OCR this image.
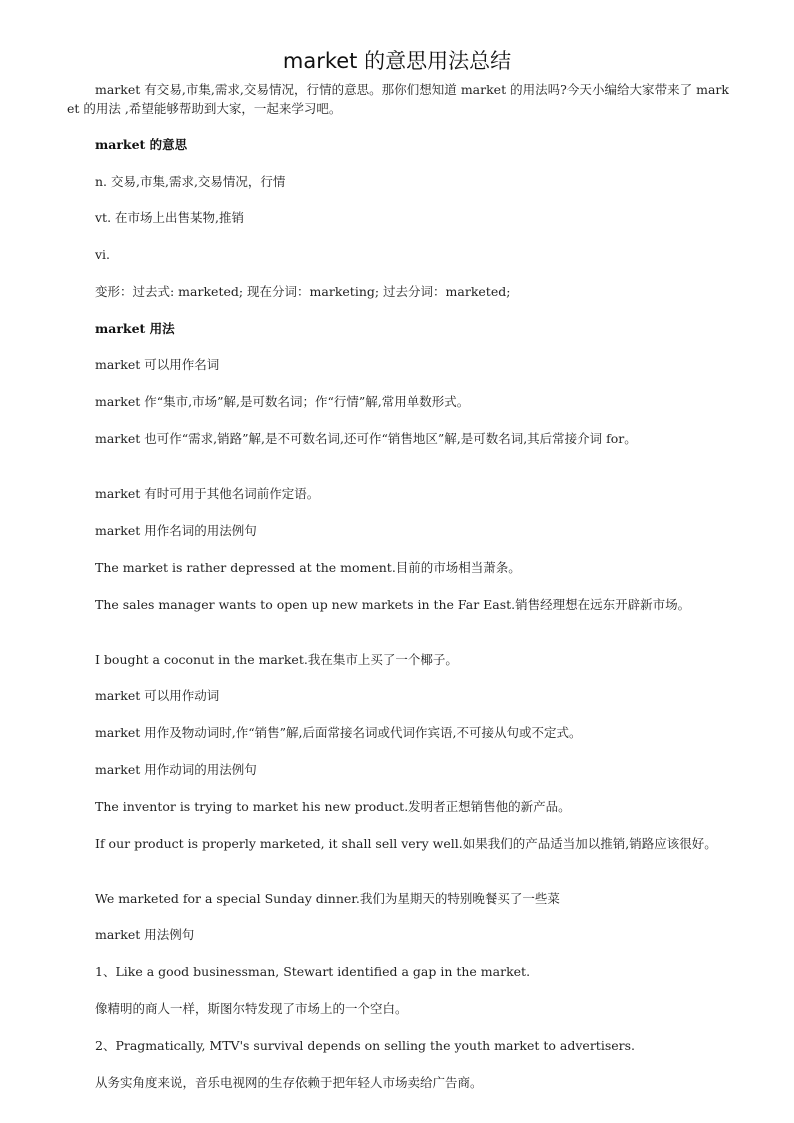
market 的意思用法总结
market 有交易,市集,需求,交易情况，行情的意思。那你们想知道 market 的用法吗?今天小编给大家带来了 market 的用法 ,希望能够帮助到大家，一起来学习吧。
market 的意思
n. 交易,市集,需求,交易情况，行情
vt. 在市场上出售某物,推销
vi.
变形：过去式: marketed; 现在分词：marketing; 过去分词：marketed;
market 用法
market 可以用作名词
market 作“集市,市场”解,是可数名词；作“行情”解,常用单数形式。
market 也可作“需求,销路”解,是不可数名词,还可作“销售地区”解,是可数名词,其后常接介词 for。
market 有时可用于其他名词前作定语。
market 用作名词的用法例句
The market is rather depressed at the moment.目前的市场相当萧条。
The sales manager wants to open up new markets in the Far East.销售经理想在远东开辟新市场。
I bought a coconut in the market.我在集市上买了一个椰子。
market 可以用作动词
market 用作及物动词时,作“销售”解,后面常接名词或代词作宾语,不可接从句或不定式。
market 用作动词的用法例句
The inventor is trying to market his new product.发明者正想销售他的新产品。
If our product is properly marketed, it shall sell very well.如果我们的产品适当加以推销,销路应该很好。
We marketed for a special Sunday dinner.我们为星期天的特别晚餐买了一些菜
market 用法例句
1、Like a good businessman, Stewart identified a gap in the market.
像精明的商人一样，斯图尔特发现了市场上的一个空白。
2、Pragmatically, MTV's survival depends on selling the youth market to advertisers.
从务实角度来说，音乐电视网的生存依赖于把年轻人市场卖给广告商。
